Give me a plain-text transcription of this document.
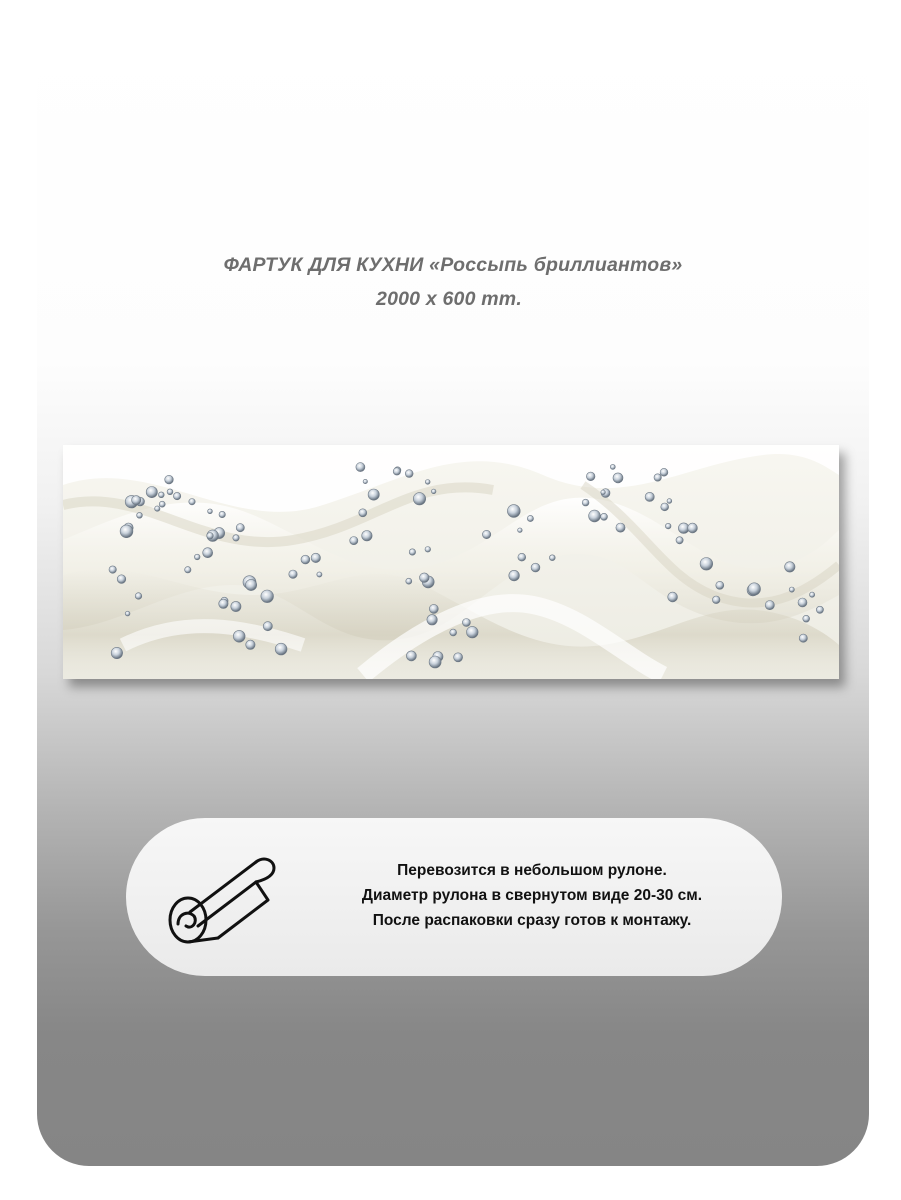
ФАРТУК ДЛЯ КУХНИ «Россыпь бриллиантов»
2000 x 600 mm.
Перевозится в небольшом рулоне.
Диаметр рулона в свернутом виде 20-30 см.
После распаковки сразу готов к монтажу.
